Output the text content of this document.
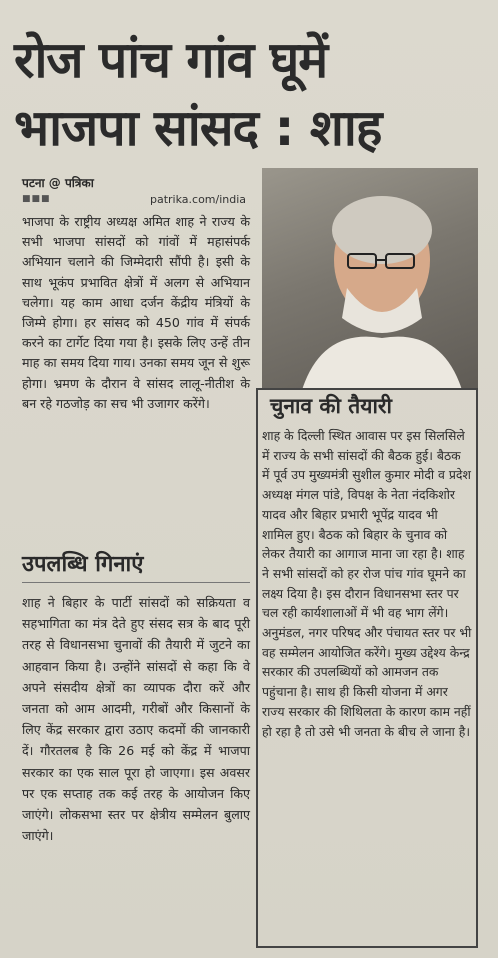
रोज पांच गांव घूमें
भाजपा सांसद : शाह
पटना @ पत्रिका
■■■	patrika.com/india
भाजपा के राष्ट्रीय अध्यक्ष अमित शाह ने राज्य के सभी भाजपा सांसदों को गांवों में महासंपर्क अभियान चलाने की जिम्मेदारी सौंपी है। इसी के साथ भूकंप प्रभावित क्षेत्रों में अलग से अभियान चलेगा। यह काम आधा दर्जन केंद्रीय मंत्रियों के जिम्मे होगा। हर सांसद को 450 गांव में संपर्क करने का टार्गेट दिया गया है। इसके लिए उन्हें तीन माह का समय दिया गाय। उनका समय जून से शुरू होगा। भ्रमण के दौरान वे सांसद लालू-नीतीश के बन रहे गठजोड़ का सच भी उजागर करेंगे।
उपलब्धि गिनाएं
शाह ने बिहार के पार्टी सांसदों को सक्रियता व सहभागिता का मंत्र देते हुए संसद सत्र के बाद पूरी तरह से विधानसभा चुनावों की तैयारी में जुटने का आहवान किया है। उन्होंने सांसदों से कहा कि वे अपने संसदीय क्षेत्रों का व्यापक दौरा करें और जनता को आम आदमी, गरीबों और किसानों के लिए केंद्र सरकार द्वारा उठाए कदमों की जानकारी दें। गौरतलब है कि 26 मई को केंद्र में भाजपा सरकार का एक साल पूरा हो जाएगा। इस अवसर पर एक सप्ताह तक कई तरह के आयोजन किए जाएंगे। लोकसभा स्तर पर क्षेत्रीय सम्मेलन बुलाए जाएंगे।
चुनाव की तैयारी
शाह के दिल्ली स्थित आवास पर इस सिलसिले में राज्य के सभी सांसदों की बैठक हुई। बैठक में पूर्व उप मुख्यमंत्री सुशील कुमार मोदी व प्रदेश अध्यक्ष मंगल पांडे, विपक्ष के नेता नंदकिशोर यादव और बिहार प्रभारी भूपेंद्र यादव भी शामिल हुए। बैठक को बिहार के चुनाव को लेकर तैयारी का आगाज माना जा रहा है। शाह ने सभी सांसदों को हर रोज पांच गांव घूमने का लक्ष्य दिया है। इस दौरान विधानसभा स्तर पर चल रही कार्यशालाओं में भी वह भाग लेंगे। अनुमंडल, नगर परिषद और पंचायत स्तर पर भी वह सम्मेलन आयोजित करेंगे। मुख्य उद्देश्य केन्द्र सरकार की उपलब्धियों को आमजन तक पहुंचाना है। साथ ही किसी योजना में अगर राज्य सरकार की शिथिलता के कारण काम नहीं हो रहा है तो उसे भी जनता के बीच ले जाना है।
